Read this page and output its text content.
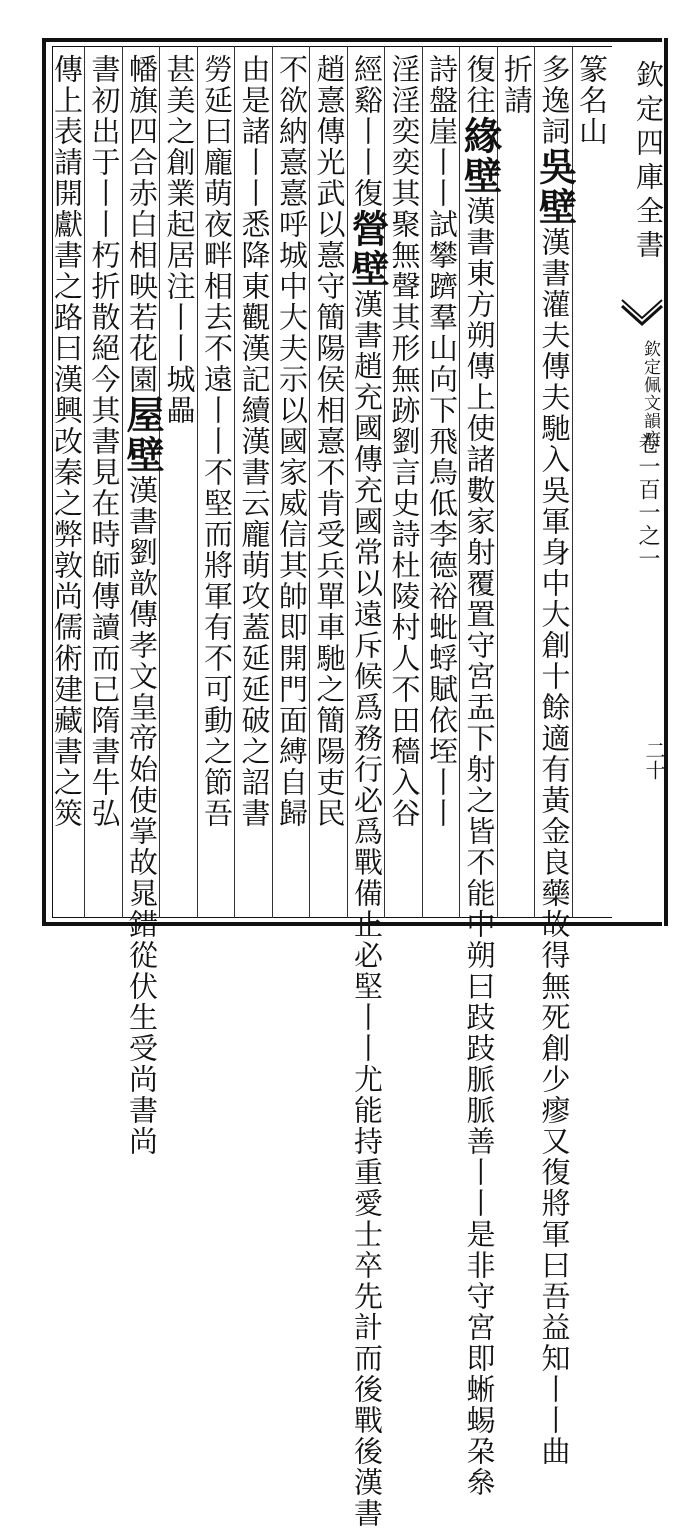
欽定四庫全書
欽定佩文韻府
卷一百一之一
二十
篆名山
多逸詞吳壁漢書灌夫傳夫馳入吳軍身中大創十餘適有黃金良藥故得無死創少瘳又復將軍曰吾益知丨丨曲
折請
復往緣壁漢書東方朔傳上使諸數家射覆置守宮盂下射之皆不能中朔曰跂跂脈脈善丨丨是非守宮即蜥蜴朶㕘
詩盤崖丨丨試攀躋羣山向下飛鳥低李德裕蚍蜉賦依垤丨丨
淫淫奕奕其聚無聲其形無跡劉言史詩杜陵村人不田穡入谷
經谿丨丨復營壁漢書趙充國傳充國常以遠斥候爲務行必爲戰備止必堅丨丨尤能持重愛士卒先計而後戰後漢書
趙憙傳光武以憙守簡陽侯相憙不肯受兵單車馳之簡陽吏民
不欲納憙憙呼城中大夫示以國家威信其帥即開門面縛自歸
由是諸丨丨悉降東觀漢記續漢書云龐萌攻蓋延延破之詔書
勞延曰龐萌夜畔相去不遠丨丨不堅而將軍有不可動之節吾
甚美之創業起居注丨丨城畾
幡旗四合赤白相映若花園屋壁漢書劉歆傳孝文皇帝始使掌故晁錯從伏生受尚書尚
書初出于丨丨朽折散絕今其書見在時師傳讀而已隋書牛弘
傳上表請開獻書之路曰漢興改秦之弊敦尚儒術建藏書之筴
